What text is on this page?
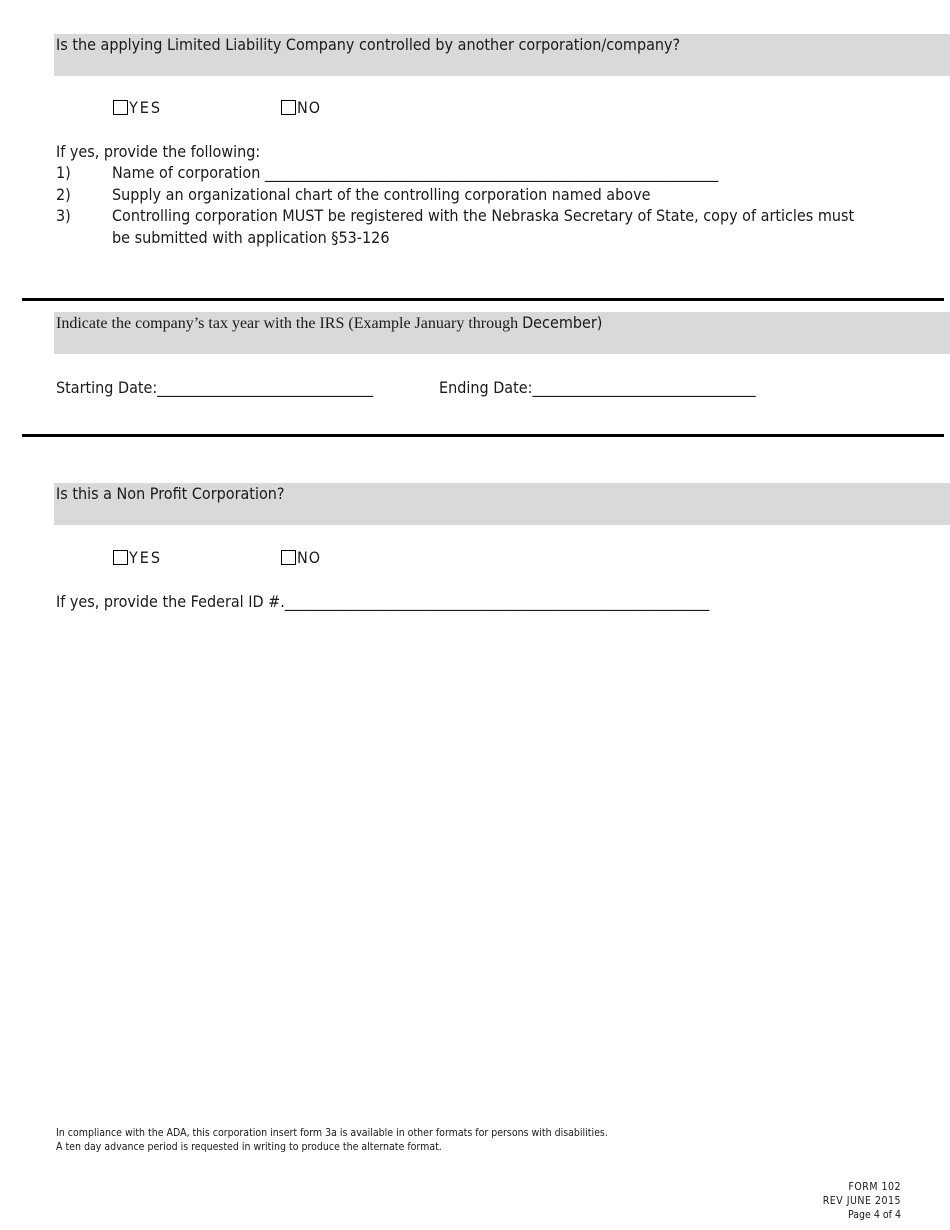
Is the applying Limited Liability Company controlled by another corporation/company?
YES	NO
If yes, provide the following:
1)	Name of corporation _______________________________________________________________
2)	Supply an organizational chart of the controlling corporation named above
3)	Controlling corporation MUST be registered with the Nebraska Secretary of State, copy of articles must
be submitted with application §53-126
Indicate the company’s tax year with the IRS (Example January through December)
Starting Date:______________________________	Ending Date:_______________________________
Is this a Non Profit Corporation?
YES	NO
If yes, provide the Federal ID #.___________________________________________________________
In compliance with the ADA, this corporation insert form 3a is available in other formats for persons with disabilities.
A ten day advance period is requested in writing to produce the alternate format.
FORM 102
REV JUNE 2015
Page 4 of 4
